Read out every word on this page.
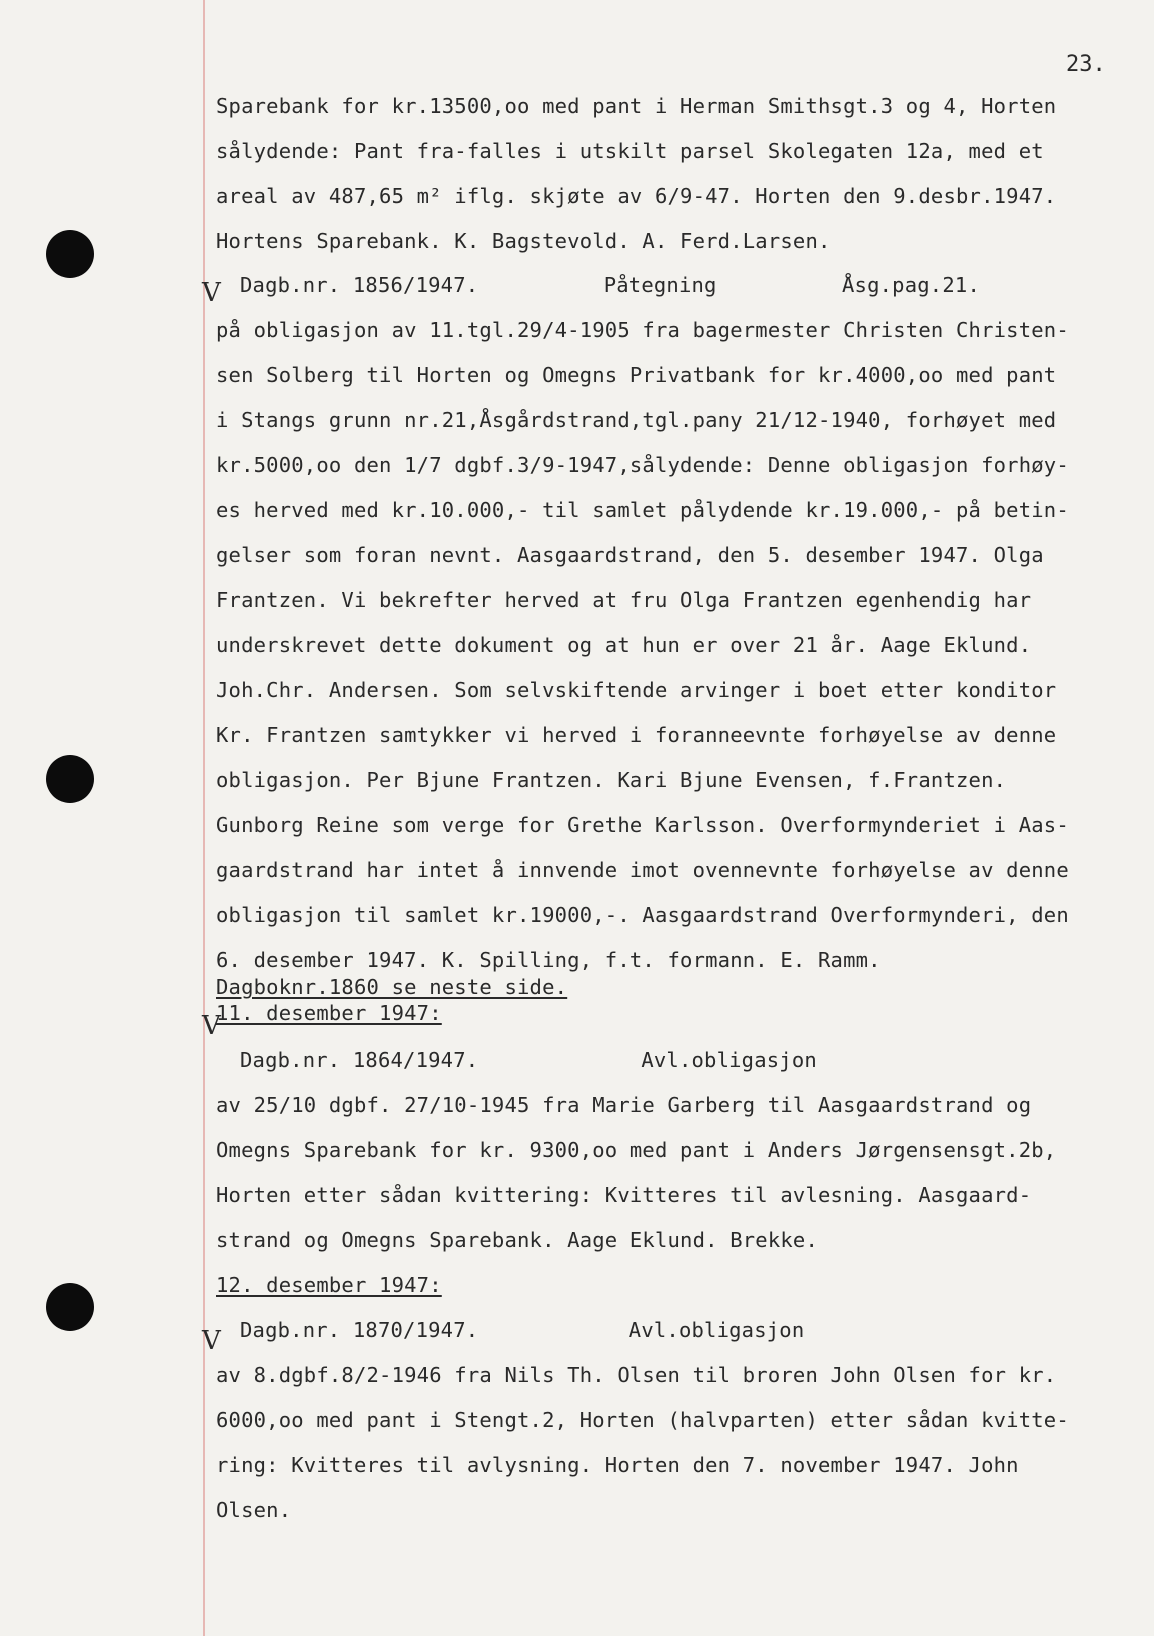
23.
V
V
V
Sparebank for kr.13500,oo med pant i Herman Smithsgt.3 og 4, Horten
sålydende: Pant fra-falles i utskilt parsel Skolegaten 12a, med et
areal av 487,65 m² iflg. skjøte av 6/9-47. Horten den 9.desbr.1947.
Hortens Sparebank. K. Bagstevold. A. Ferd.Larsen.
Dagb.nr. 1856/1947.          Påtegning          Åsg.pag.21.
på obligasjon av 11.tgl.29/4-1905 fra bagermester Christen Christen-
sen Solberg til Horten og Omegns Privatbank for kr.4000,oo med pant
i Stangs grunn nr.21,Åsgårdstrand,tgl.pany 21/12-1940, forhøyet med
kr.5000,oo den 1/7 dgbf.3/9-1947,sålydende: Denne obligasjon forhøy-
es herved med kr.10.000,- til samlet pålydende kr.19.000,- på betin-
gelser som foran nevnt. Aasgaardstrand, den 5. desember 1947. Olga
Frantzen. Vi bekrefter herved at fru Olga Frantzen egenhendig har
underskrevet dette dokument og at hun er over 21 år. Aage Eklund.
Joh.Chr. Andersen. Som selvskiftende arvinger i boet etter konditor
Kr. Frantzen samtykker vi herved i foranneevnte forhøyelse av denne
obligasjon. Per Bjune Frantzen. Kari Bjune Evensen, f.Frantzen.
Gunborg Reine som verge for Grethe Karlsson. Overformynderiet i Aas-
gaardstrand har intet å innvende imot ovennevnte forhøyelse av denne
obligasjon til samlet kr.19000,-. Aasgaardstrand Overformynderi, den
6. desember 1947. K. Spilling, f.t. formann. E. Ramm.
Dagboknr.1860 se neste side.
11. desember 1947:
Dagb.nr. 1864/1947.             Avl.obligasjon
av 25/10 dgbf. 27/10-1945 fra Marie Garberg til Aasgaardstrand og
Omegns Sparebank for kr. 9300,oo med pant i Anders Jørgensensgt.2b,
Horten etter sådan kvittering: Kvitteres til avlesning. Aasgaard-
strand og Omegns Sparebank. Aage Eklund. Brekke.
12. desember 1947:
Dagb.nr. 1870/1947.            Avl.obligasjon
av 8.dgbf.8/2-1946 fra Nils Th. Olsen til broren John Olsen for kr.
6000,oo med pant i Stengt.2, Horten (halvparten) etter sådan kvitte-
ring: Kvitteres til avlysning. Horten den 7. november 1947. John
Olsen.
